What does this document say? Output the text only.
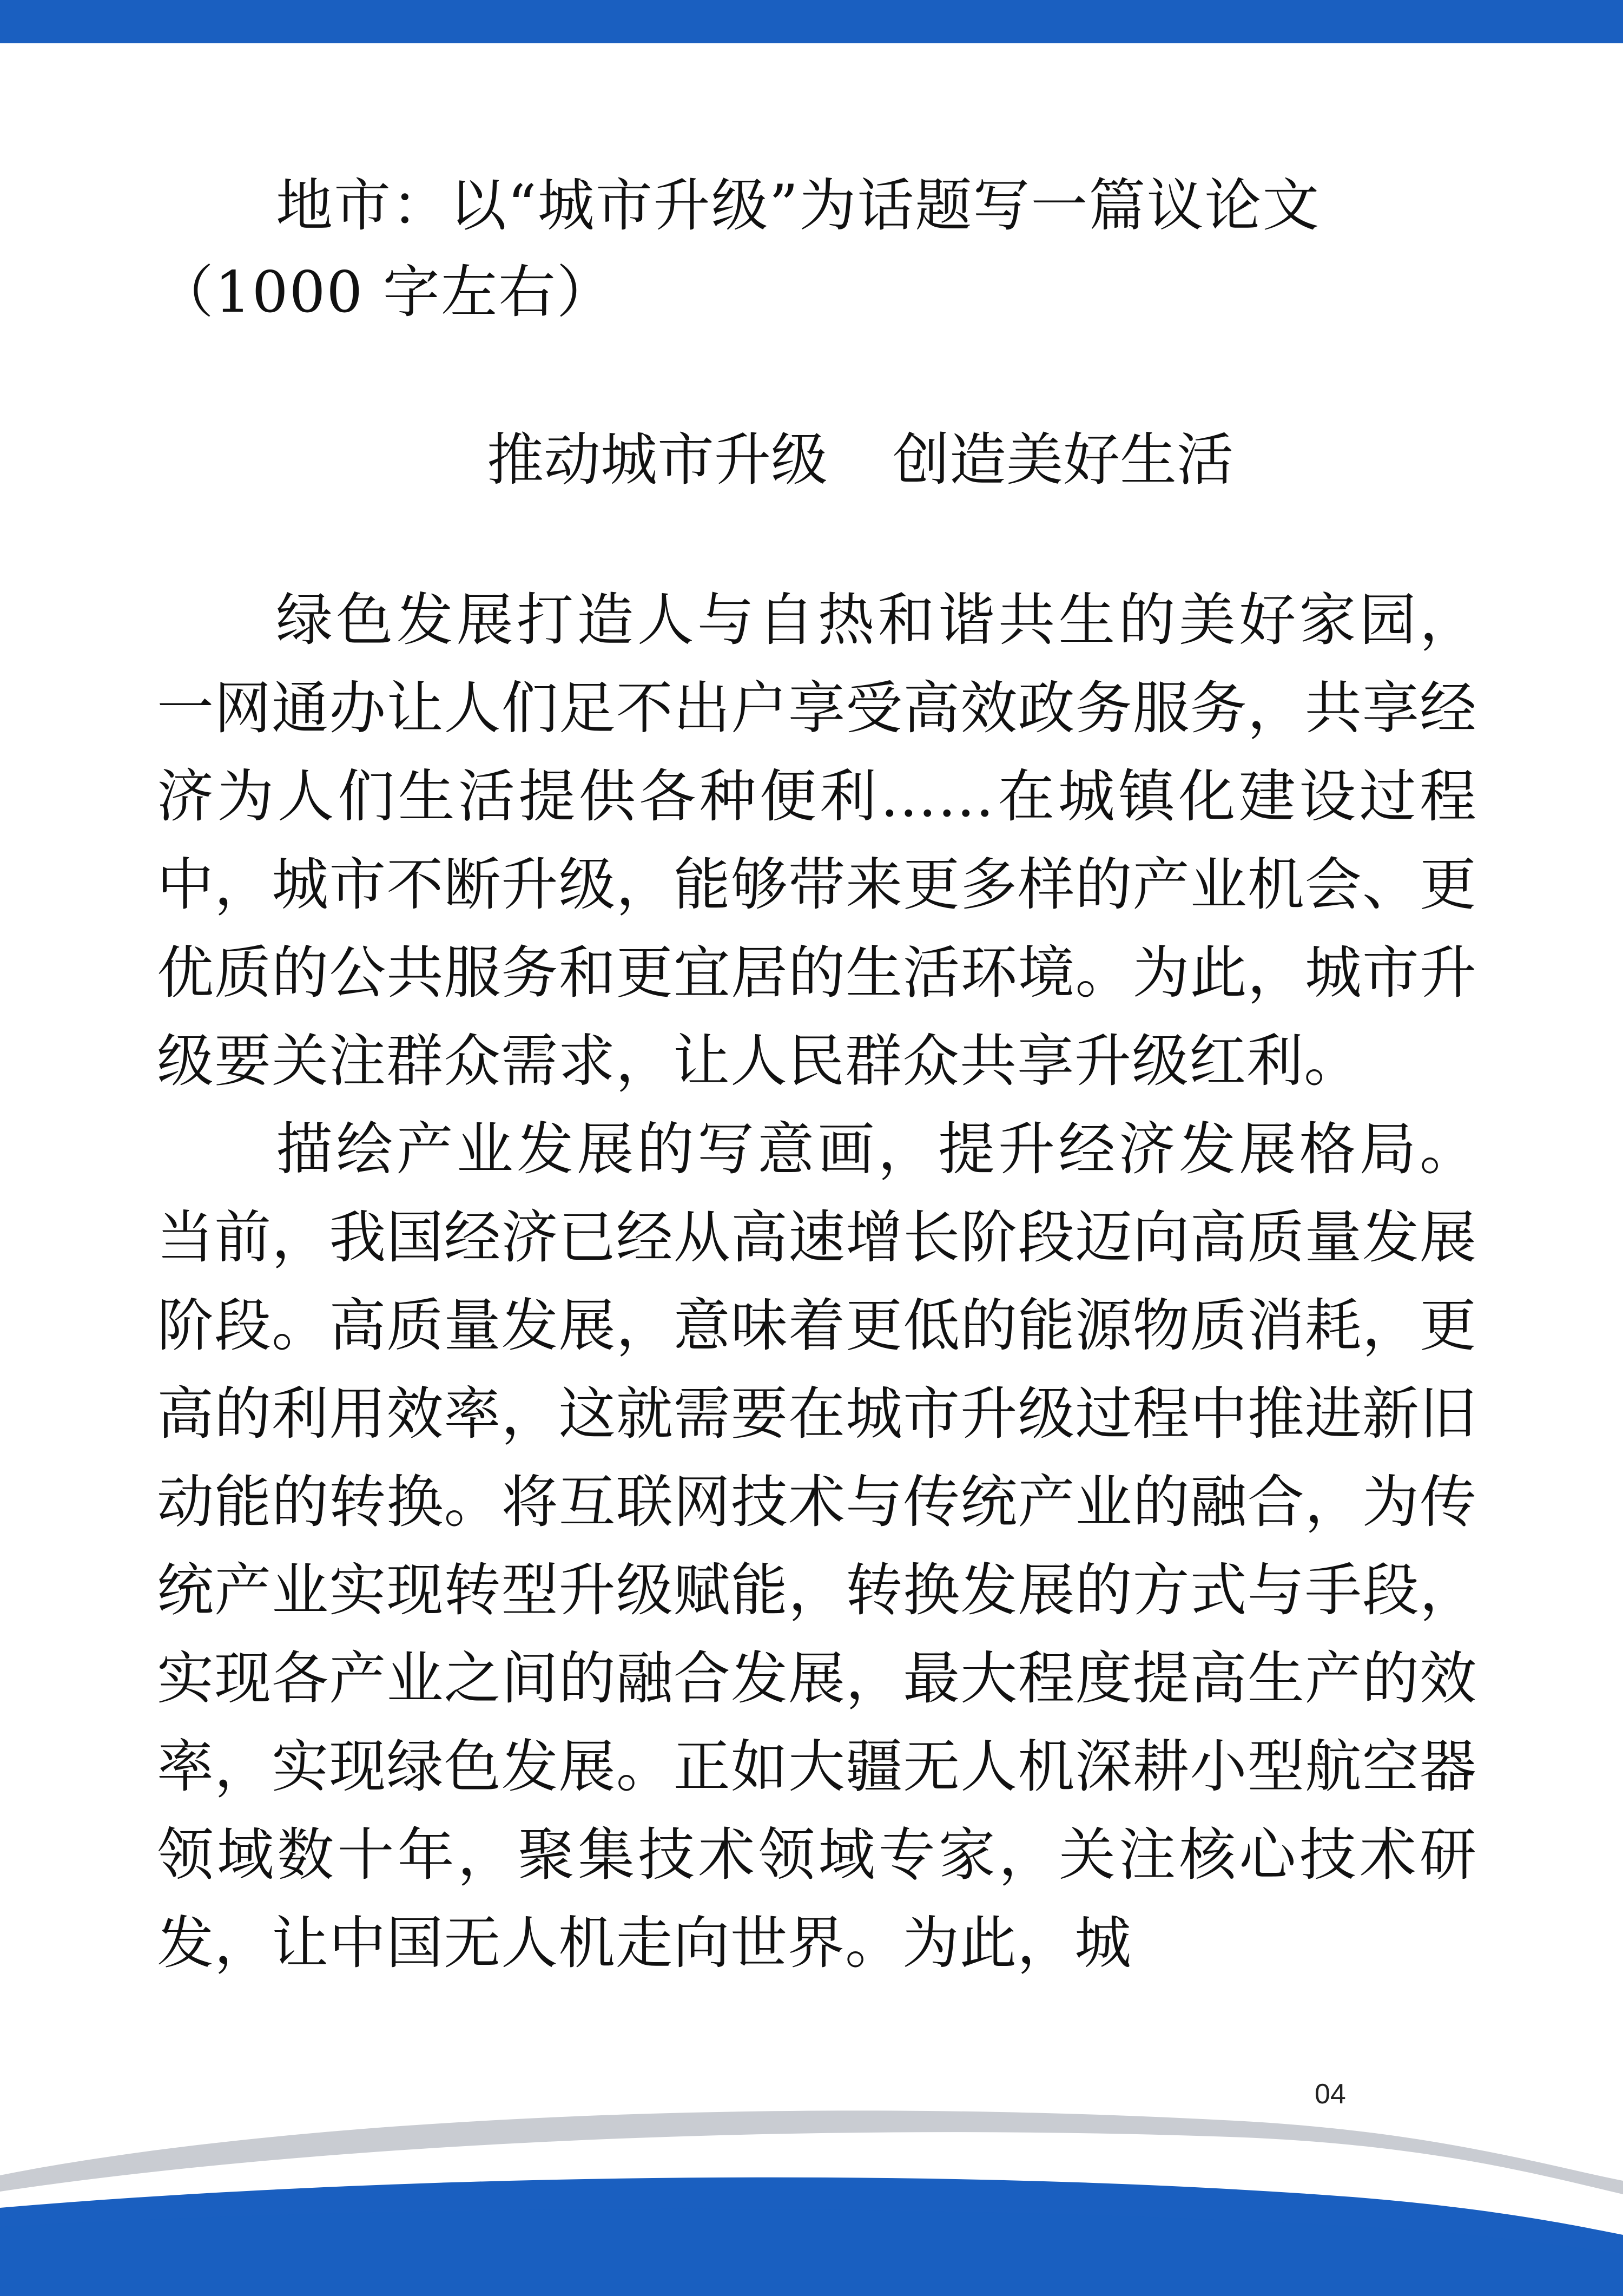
地市：以“城市升级”为话题写一篇议论文（1000 字左右）

推动城市升级 创造美好生活

绿色发展打造人与自热和谐共生的美好家园，一网通办让人们足不出户享受高效政务服务，共享经济为人们生活提供各种便利……在城镇化建设过程中，城市不断升级，能够带来更多样的产业机会、更优质的公共服务和更宜居的生活环境。为此，城市升级要关注群众需求，让人民群众共享升级红利。

描绘产业发展的写意画，提升经济发展格局。当前，我国经济已经从高速增长阶段迈向高质量发展阶段。高质量发展，意味着更低的能源物质消耗，更高的利用效率，这就需要在城市升级过程中推进新旧动能的转换。将互联网技术与传统产业的融合，为传统产业实现转型升级赋能，转换发展的方式与手段，实现各产业之间的融合发展，最大程度提高生产的效率，实现绿色发展。正如大疆无人机深耕小型航空器领域数十年，聚集技术领域专家，关注核心技术研发，让中国无人机走向世界。为此，城

04
